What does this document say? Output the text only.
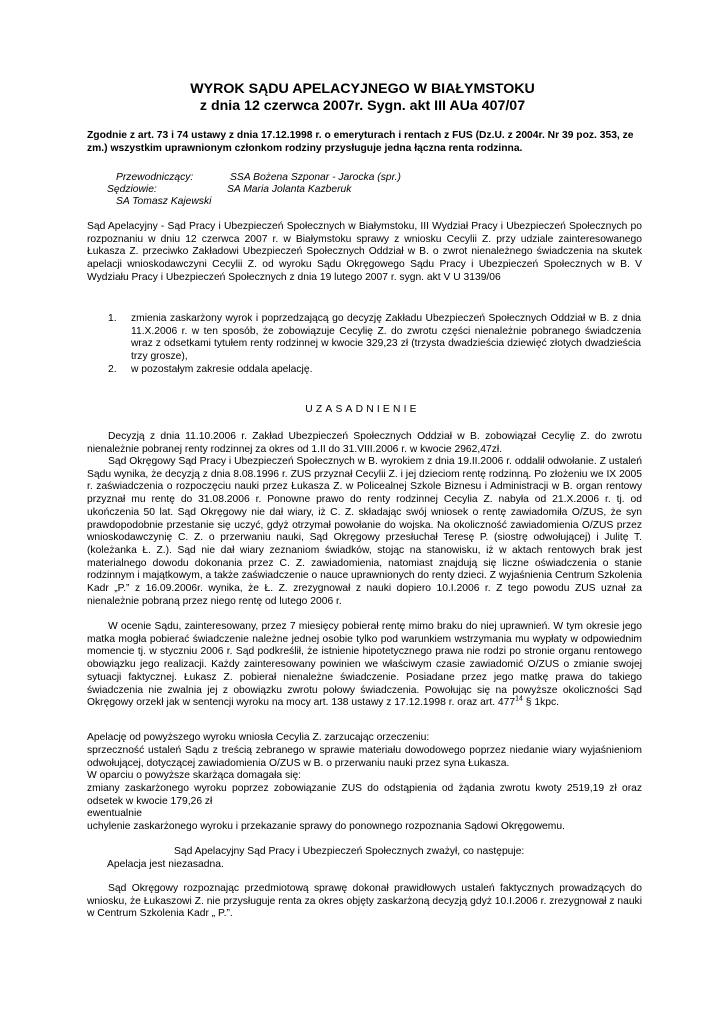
WYROK SĄDU APELACYJNEGO W BIAŁYMSTOKU
z dnia 12 czerwca 2007r. Sygn. akt III AUa 407/07

Zgodnie z art. 73 i 74 ustawy z dnia 17.12.1998 r. o emeryturach i rentach z FUS (Dz.U. z 2004r. Nr 39 poz. 353, ze zm.) wszystkim uprawnionym członkom rodziny przysługuje jedna łączna renta rodzinna.

Przewodniczący:	SSA Bożena Szponar - Jarocka (spr.)

Sędziowie:	SA Maria Jolanta Kazberuk

SA Tomasz Kajewski

Sąd Apelacyjny - Sąd Pracy i Ubezpieczeń Społecznych w Białymstoku, III Wydział Pracy i Ubezpieczeń Społecznych po rozpoznaniu w dniu 12 czerwca 2007 r. w Białymstoku sprawy z wniosku Cecylii Z. przy udziale zainteresowanego Łukasza Z. przeciwko Zakładowi Ubezpieczeń Społecznych Oddział w B. o zwrot nienależnego świadczenia na skutek apelacji wnioskodawczyni Cecylii Z. od wyroku Sądu Okręgowego Sądu Pracy i Ubezpieczeń Społecznych w B. V Wydziału Pracy i Ubezpieczeń Społecznych z dnia 19 lutego 2007 r. sygn. akt V U 3139/06

1. zmienia zaskarżony wyrok i poprzedzającą go decyzję Zakładu Ubezpieczeń Społecznych Oddział w B. z dnia 11.X.2006 r. w ten sposób, że zobowiązuje Cecylię Z. do zwrotu części nienależnie pobranego świadczenia wraz z odsetkami tytułem renty rodzinnej w kwocie 329,23 zł (trzysta dwadzieścia dziewięć złotych dwadzieścia trzy grosze),
2. w pozostałym zakresie oddala apelację.

UZASADNIENIE

Decyzją z dnia 11.10.2006 r. Zakład Ubezpieczeń Społecznych Oddział w B. zobowiązał Cecylię Z. do zwrotu nienależnie pobranej renty rodzinnej za okres od 1.II do 31.VIII.2006 r. w kwocie 2962,47zł.

Sąd Okręgowy Sąd Pracy i Ubezpieczeń Społecznych w B. wyrokiem z dnia 19.II.2006 r. oddalił odwołanie. Z ustaleń Sądu wynika, że decyzją z dnia 8.08.1996 r. ZUS przyznał Cecylii Z. i jej dzieciom rentę rodzinną. Po złożeniu we IX 2005 r. zaświadczenia o rozpoczęciu nauki przez Łukasza Z. w Policealnej Szkole Biznesu i Administracji w B. organ rentowy przyznał mu rentę do 31.08.2006 r. Ponowne prawo do renty rodzinnej Cecylia Z. nabyła od 21.X.2006 r. tj. od ukończenia 50 lat. Sąd Okręgowy nie dał wiary, iż C. Z. składając swój wniosek o rentę zawiadomiła O/ZUS, że syn prawdopodobnie przestanie się uczyć, gdyż otrzymał powołanie do wojska. Na okoliczność zawiadomienia O/ZUS przez wnioskodawczynię C. Z. o przerwaniu nauki, Sąd Okręgowy przesłuchał Teresę P. (siostrę odwołującej) i Julitę T. (koleżanka Ł. Z.). Sąd nie dał wiary zeznaniom świadków, stojąc na stanowisku, iż w aktach rentowych brak jest materialnego dowodu dokonania przez C. Z. zawiadomienia, natomiast znajdują się liczne oświadczenia o stanie rodzinnym i majątkowym, a także zaświadczenie o nauce uprawnionych do renty dzieci. Z wyjaśnienia Centrum Szkolenia Kadr „P.” z 16.09.2006r. wynika, że Ł. Z. zrezygnował z nauki dopiero 10.I.2006 r. Z tego powodu ZUS uznał za nienależnie pobraną przez niego rentę od lutego 2006 r.

W ocenie Sądu, zainteresowany, przez 7 miesięcy pobierał rentę mimo braku do niej uprawnień. W tym okresie jego matka mogła pobierać świadczenie należne jednej osobie tylko pod warunkiem wstrzymania mu wypłaty w odpowiednim momencie tj. w styczniu 2006 r. Sąd podkreślił, że istnienie hipotetycznego prawa nie rodzi po stronie organu rentowego obowiązku jego realizacji. Każdy zainteresowany powinien we właściwym czasie zawiadomić O/ZUS o zmianie swojej sytuacji faktycznej. Łukasz Z. pobierał nienależne świadczenie. Posiadane przez jego matkę prawa do takiego świadczenia nie zwalnia jej z obowiązku zwrotu połowy świadczenia. Powołując się na powyższe okoliczności Sąd Okręgowy orzekł jak w sentencji wyroku na mocy art. 138 ustawy z 17.12.1998 r. oraz art. $477^{14}$ § 1kpc.

Apelację od powyższego wyroku wniosła Cecylia Z. zarzucając orzeczeniu:

sprzeczność ustaleń Sądu z treścią zebranego w sprawie materiału dowodowego poprzez niedanie wiary wyjaśnieniom odwołującej, dotyczącej zawiadomienia O/ZUS w B. o przerwaniu nauki przez syna Łukasza.

W oparciu o powyższe skarżąca domagała się:

zmiany zaskarżonego wyroku poprzez zobowiązanie ZUS do odstąpienia od żądania zwrotu kwoty 2519,19 zł oraz odsetek w kwocie 179,26 zł

ewentualnie

uchylenie zaskarżonego wyroku i przekazanie sprawy do ponownego rozpoznania Sądowi Okręgowemu.

Sąd Apelacyjny Sąd Pracy i Ubezpieczeń Społecznych zważył, co następuje:

Apelacja jest niezasadna.

Sąd Okręgowy rozpoznając przedmiotową sprawę dokonał prawidłowych ustaleń faktycznych prowadzących do wniosku, że Łukaszowi Z. nie przysługuje renta za okres objęty zaskarżoną decyzją gdyż 10.I.2006 r. zrezygnował z nauki w Centrum Szkolenia Kadr „ P.”.
